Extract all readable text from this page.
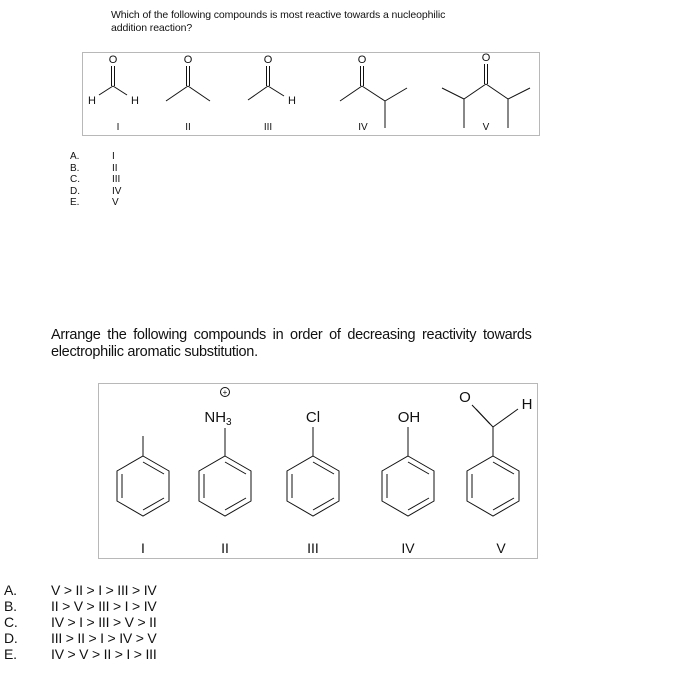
Which of the following compounds is most reactive towards a nucleophilic
addition reaction?
O
H	H
O	O
H
O	O
I	II	III	IV	V
A.	I
B.	II
C.	III
D.	IV
E.	V
Arrange the following compounds in order of decreasing reactivity towards
electrophilic aromatic substitution.
$NH_3$	Cl	OH
O	H
+
I	II	III	IV	V
A.	V > II > I > III > IV
B.	II > V > III > I > IV
C.	IV > I > III > V > II
D.	III > II > I > IV > V
E.	IV > V > II > I > III
